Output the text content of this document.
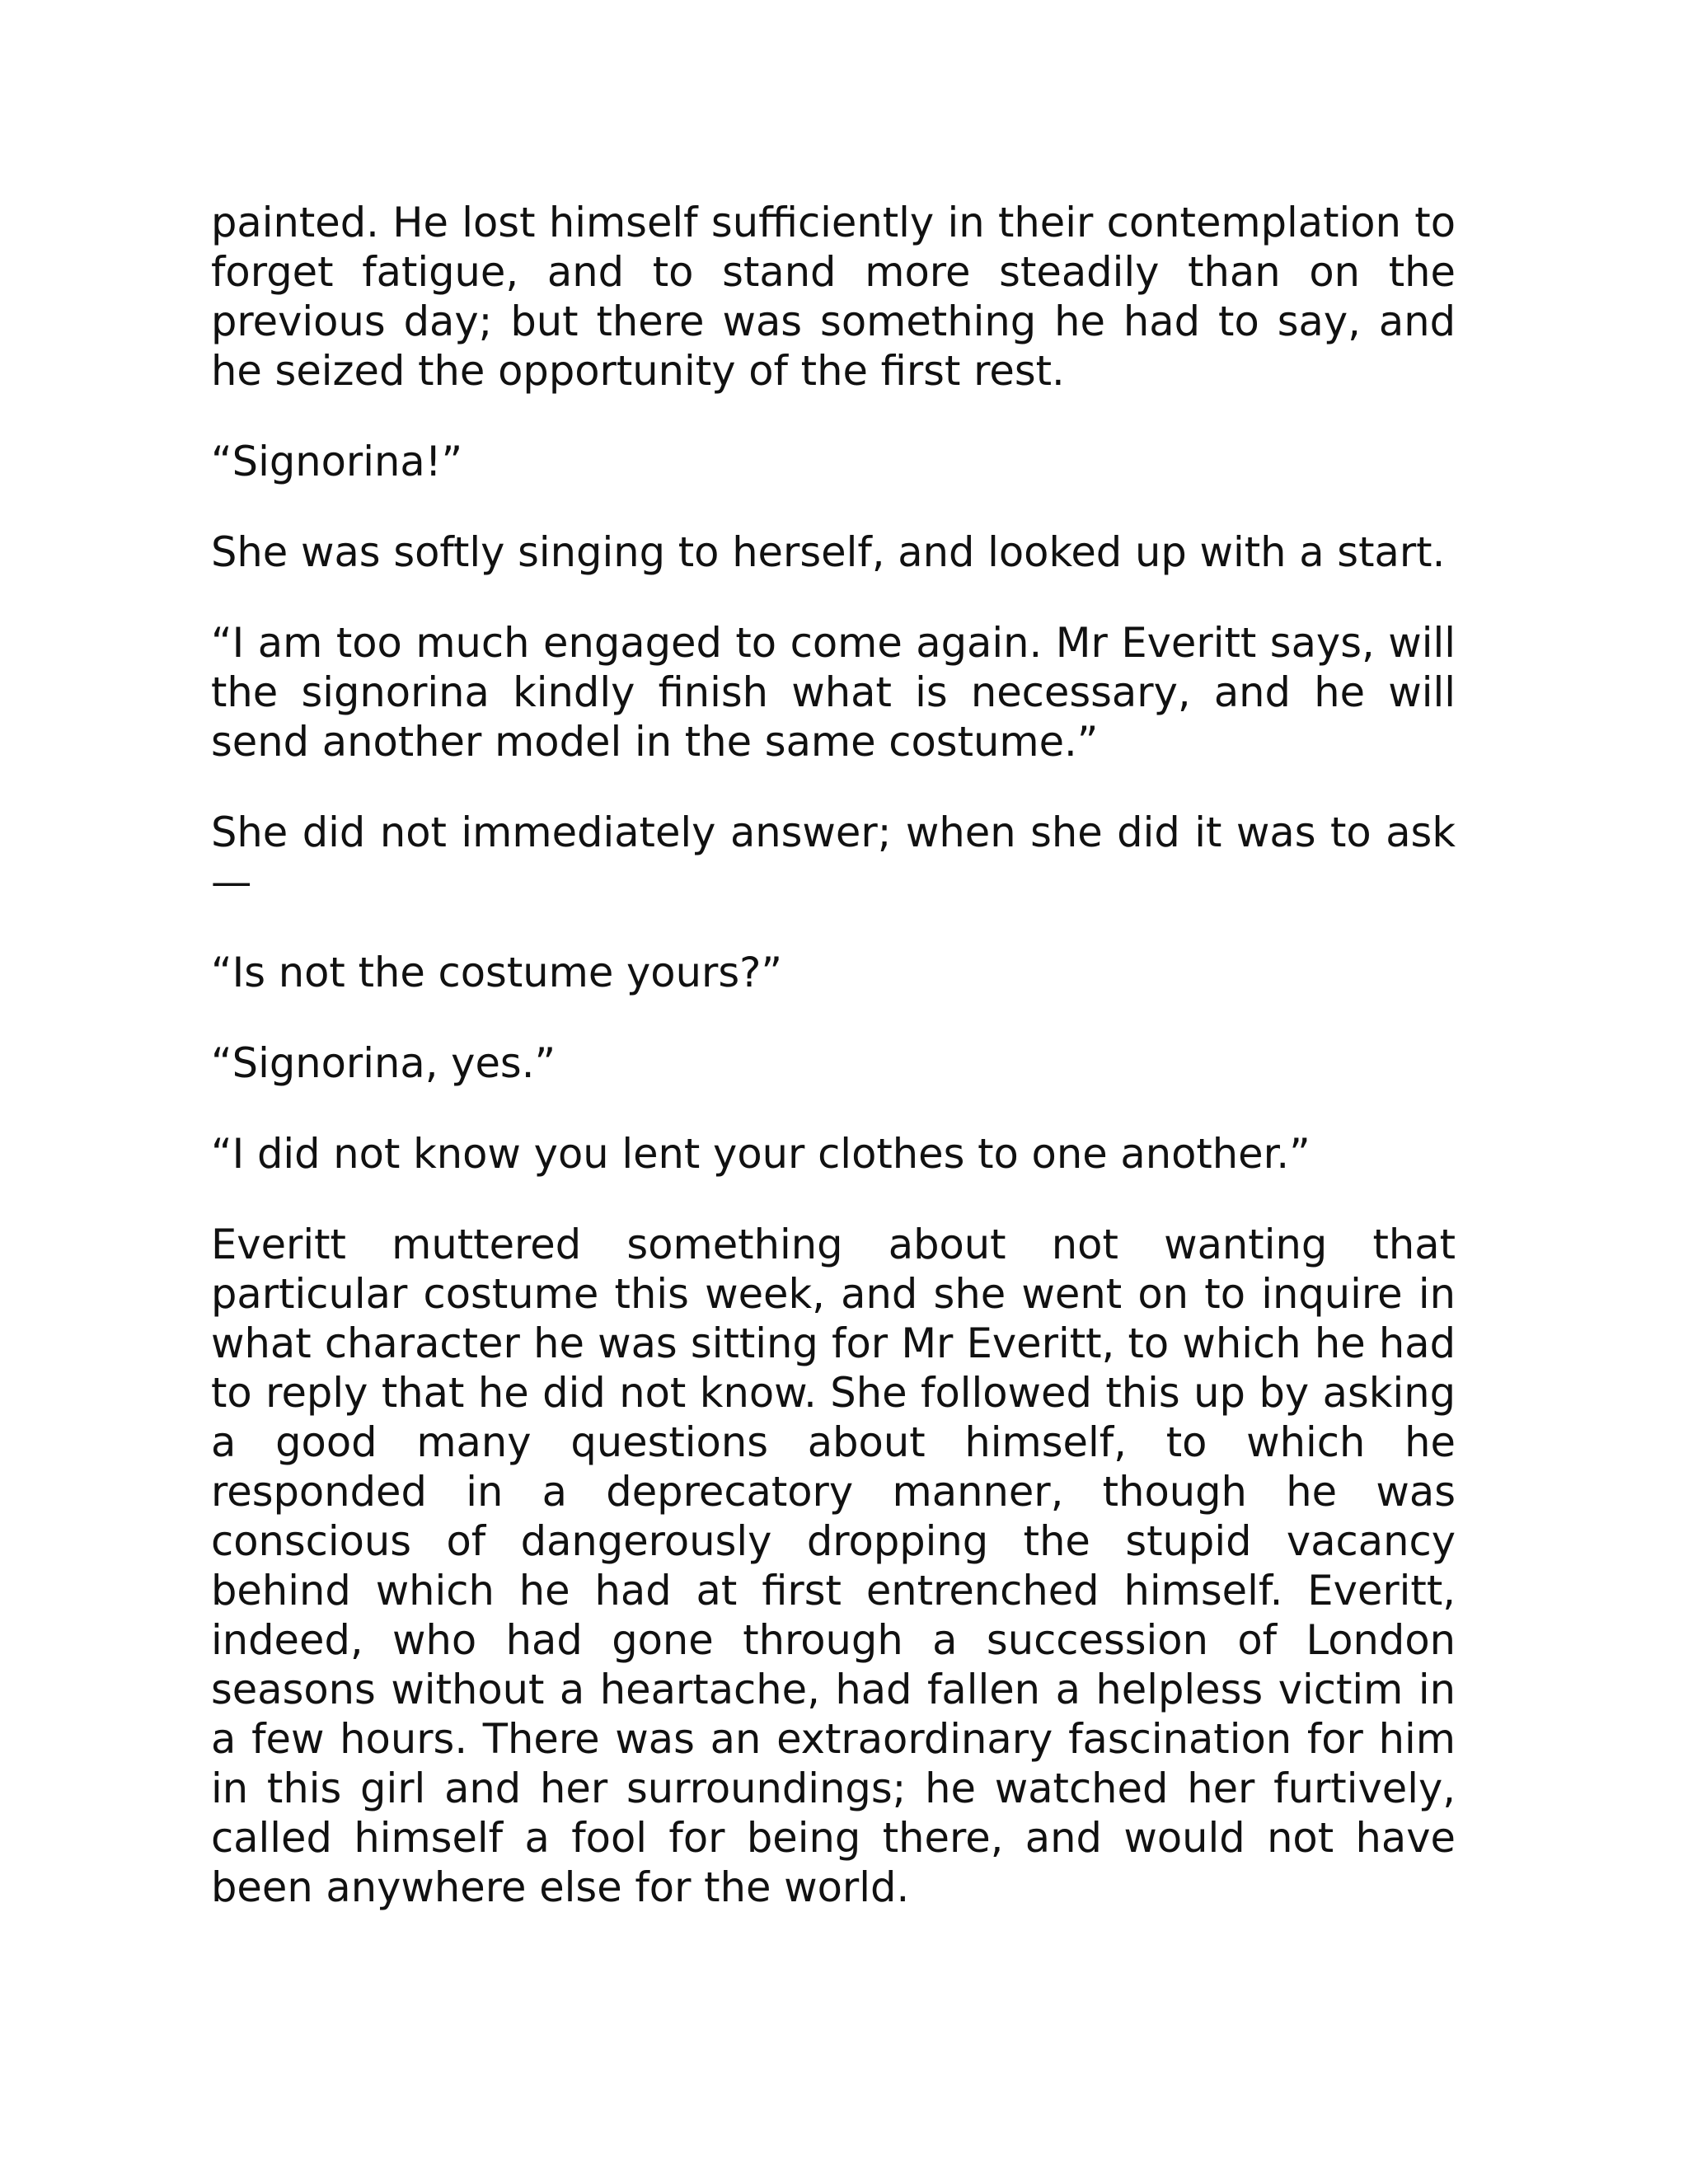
painted. He lost himself sufficiently in their contemplation to forget fatigue, and to stand more steadily than on the previous day; but there was something he had to say, and he seized the opportunity of the first rest.

“Signorina!”

She was softly singing to herself, and looked up with a start.

“I am too much engaged to come again. Mr Everitt says, will the signorina kindly finish what is necessary, and he will send another model in the same costume.”

She did not immediately answer; when she did it was to ask —

“Is not the costume yours?”

“Signorina, yes.”

“I did not know you lent your clothes to one another.”

Everitt muttered something about not wanting that particular costume this week, and she went on to inquire in what character he was sitting for Mr Everitt, to which he had to reply that he did not know. She followed this up by asking a good many questions about himself, to which he responded in a deprecatory manner, though he was conscious of dangerously dropping the stupid vacancy behind which he had at first entrenched himself. Everitt, indeed, who had gone through a succession of London seasons without a heartache, had fallen a helpless victim in a few hours. There was an extraordinary fascination for him in this girl and her surroundings; he watched her furtively, called himself a fool for being there, and would not have been anywhere else for the world.
